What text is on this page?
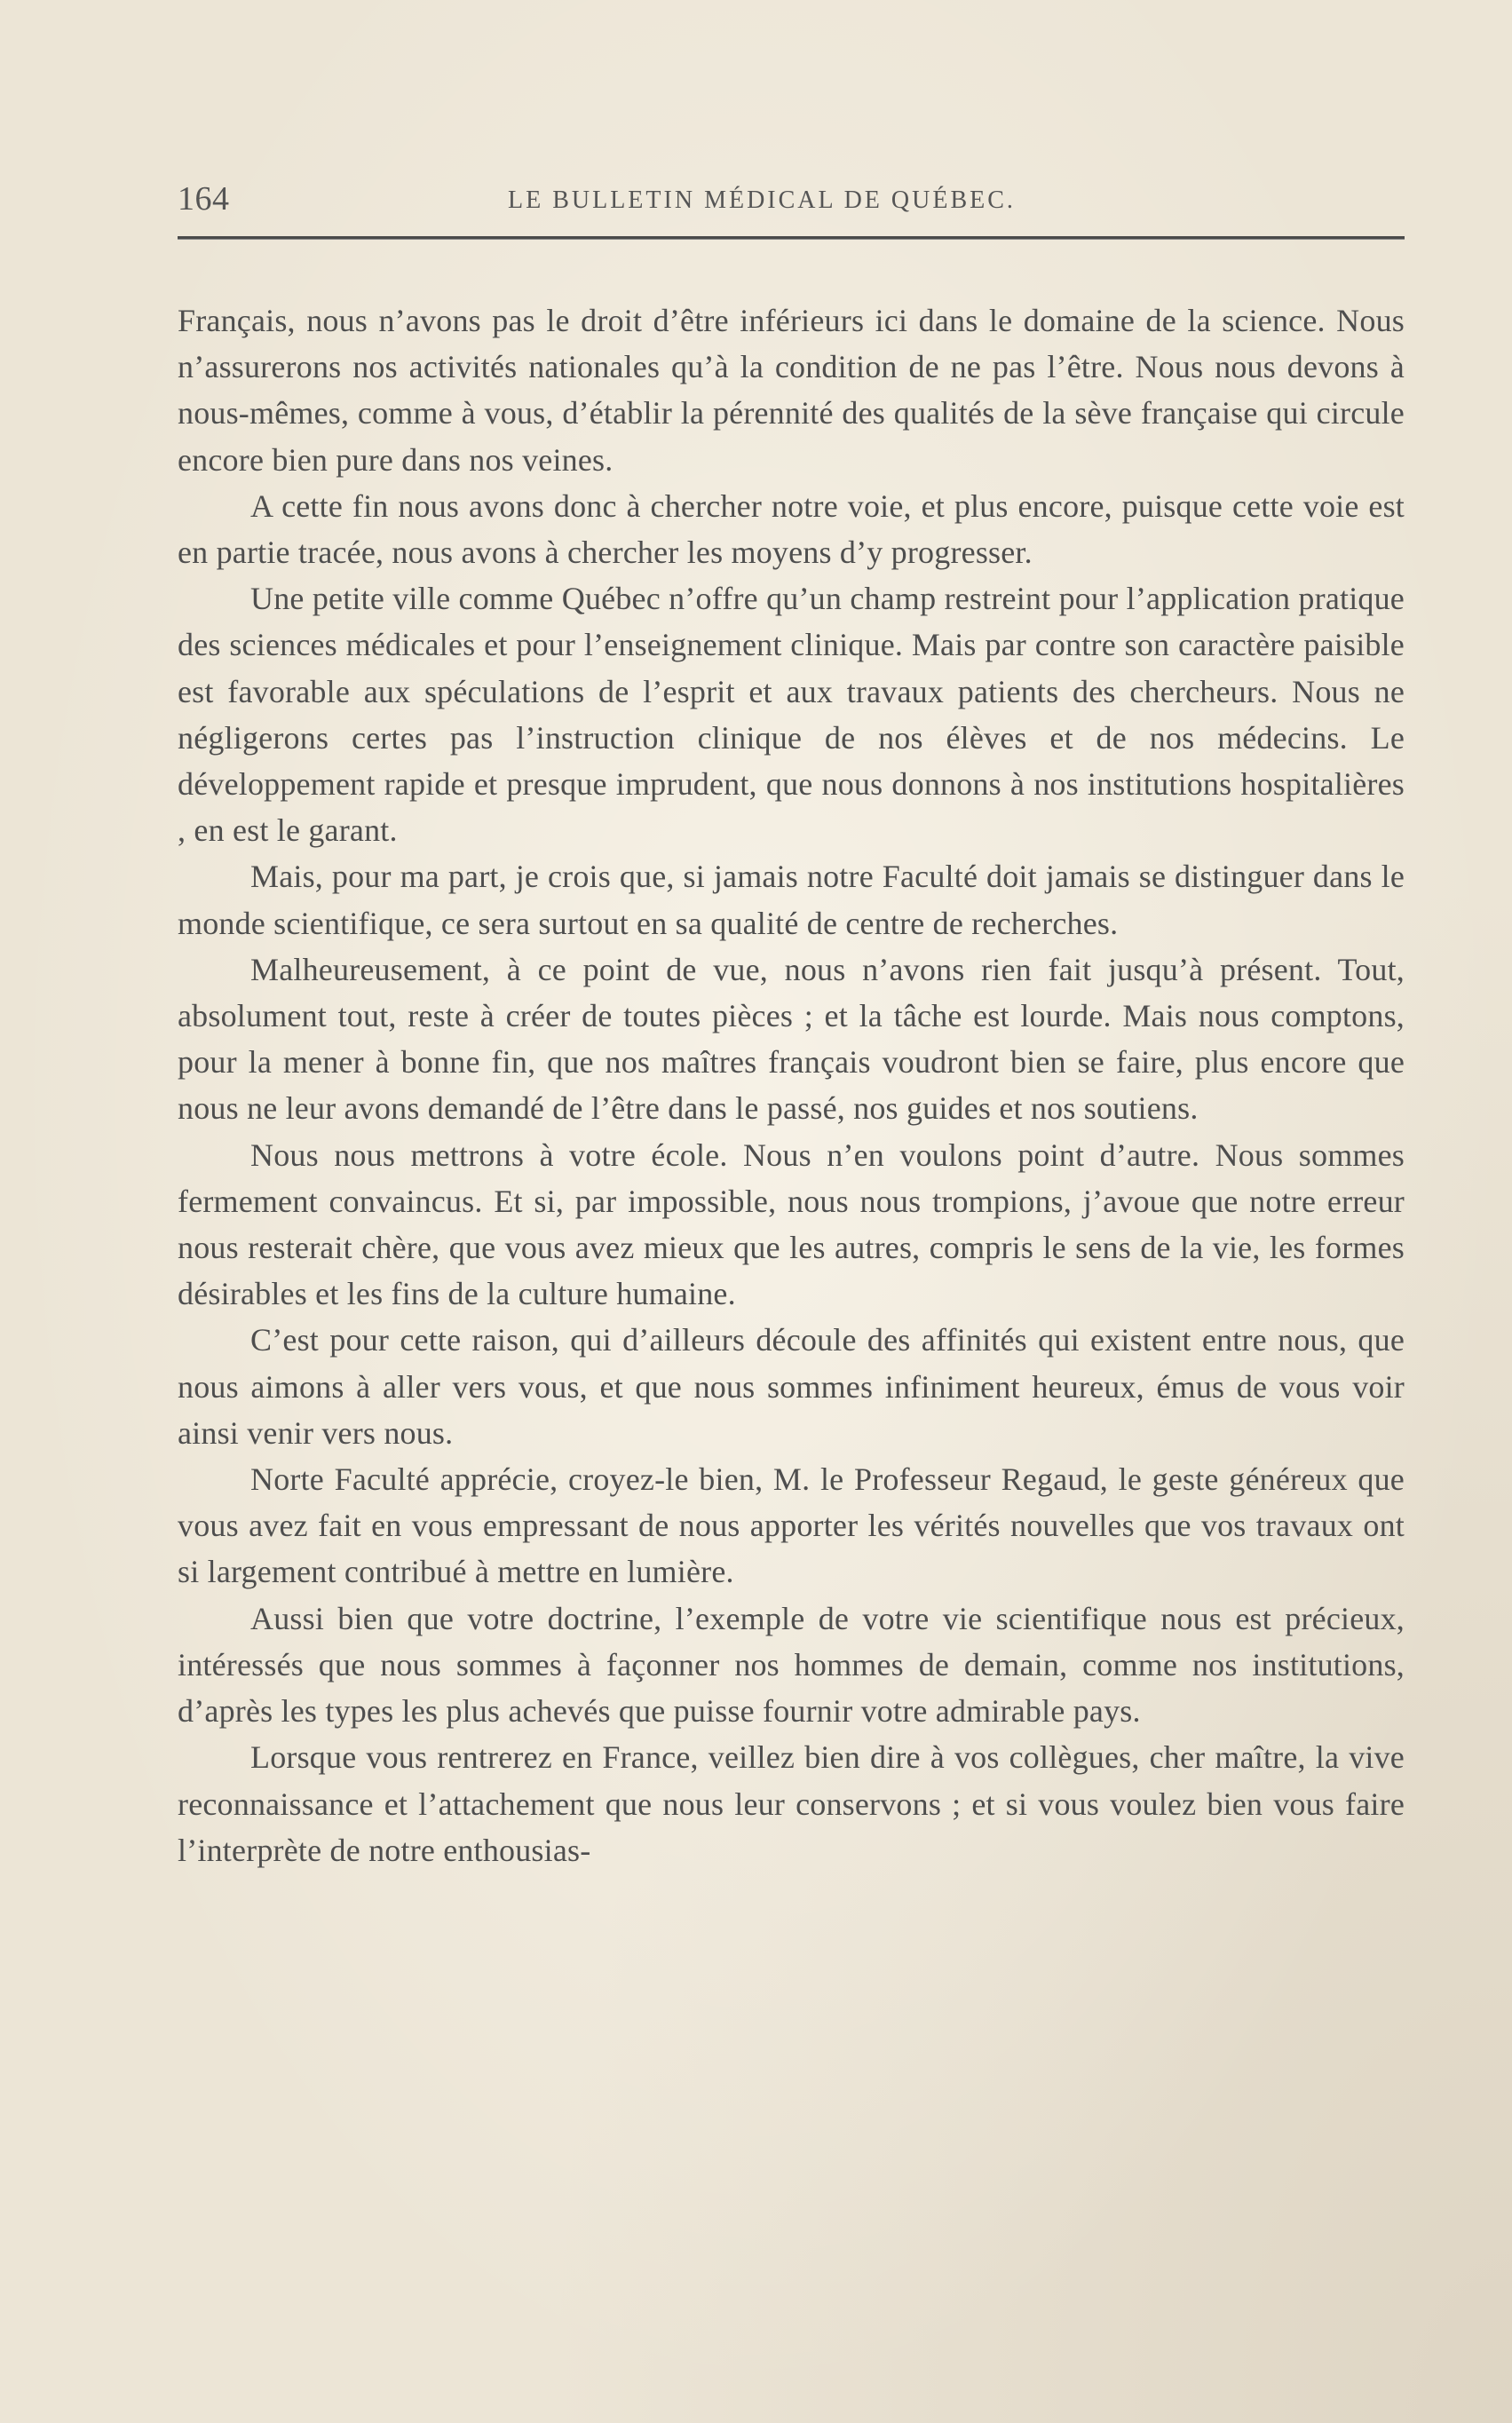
164	LE BULLETIN MÉDICAL DE QUÉBEC.

Français, nous n’avons pas le droit d’être inférieurs ici dans le domaine de la science. Nous n’assurerons nos activités nationales qu’à la condition de ne pas l’être. Nous nous devons à nous-mêmes, comme à vous, d’établir la pérennité des qualités de la sève française qui circule encore bien pure dans nos veines.

A cette fin nous avons donc à chercher notre voie, et plus encore, puisque cette voie est en partie tracée, nous avons à chercher les moyens d’y progresser.

Une petite ville comme Québec n’offre qu’un champ restreint pour l’application pratique des sciences médicales et pour l’enseignement clinique. Mais par contre son caractère paisible est favorable aux spéculations de l’esprit et aux travaux patients des chercheurs. Nous ne négligerons certes pas l’instruction clinique de nos élèves et de nos médecins. Le développement rapide et presque imprudent, que nous donnons à nos institutions hospitalières , en est le garant.

Mais, pour ma part, je crois que, si jamais notre Faculté doit jamais se distinguer dans le monde scientifique, ce sera surtout en sa qualité de centre de recherches.

Malheureusement, à ce point de vue, nous n’avons rien fait jusqu’à présent. Tout, absolument tout, reste à créer de toutes pièces ; et la tâche est lourde. Mais nous comptons, pour la mener à bonne fin, que nos maîtres français voudront bien se faire, plus encore que nous ne leur avons demandé de l’être dans le passé, nos guides et nos soutiens.

Nous nous mettrons à votre école. Nous n’en voulons point d’autre. Nous sommes fermement convaincus. Et si, par impossible, nous nous trompions, j’avoue que notre erreur nous resterait chère, que vous avez mieux que les autres, compris le sens de la vie, les formes désirables et les fins de la culture humaine.

C’est pour cette raison, qui d’ailleurs découle des affinités qui existent entre nous, que nous aimons à aller vers vous, et que nous sommes infiniment heureux, émus de vous voir ainsi venir vers nous.

Norte Faculté apprécie, croyez-le bien, M. le Professeur Regaud, le geste généreux que vous avez fait en vous empressant de nous apporter les vérités nouvelles que vos travaux ont si largement contribué à mettre en lumière.

Aussi bien que votre doctrine, l’exemple de votre vie scientifique nous est précieux, intéressés que nous sommes à façonner nos hommes de demain, comme nos institutions, d’après les types les plus achevés que puisse fournir votre admirable pays.

Lorsque vous rentrerez en France, veillez bien dire à vos collègues, cher maître, la vive reconnaissance et l’attachement que nous leur conservons ; et si vous voulez bien vous faire l’interprète de notre enthousias-
